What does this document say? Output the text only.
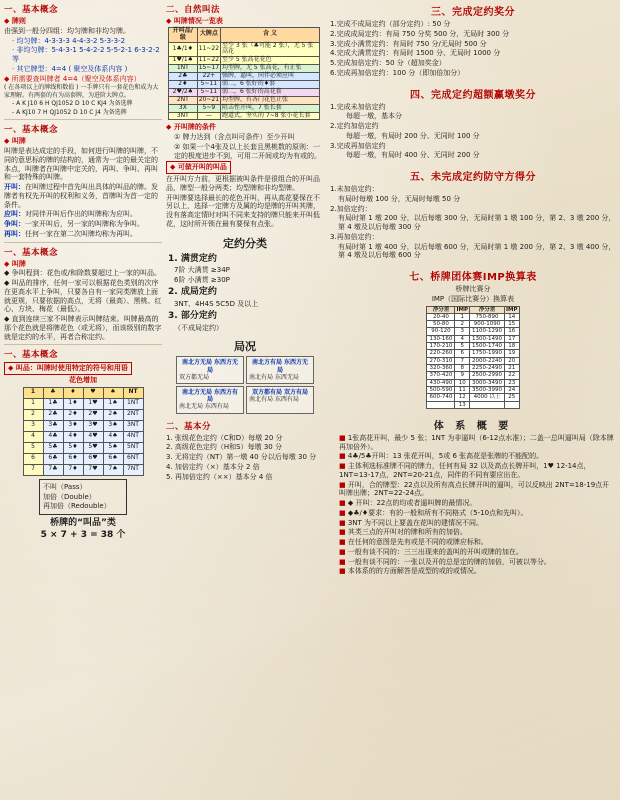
一、基本概念

◆ 牌则

由强到一般分四组：均匀牌和非均匀牌。

· 均匀牌：4-3-3-3 4-4-3-2 5-3-3-2

· 非均匀牌：5-4-3-1 5-4-2-2 5-5-2-1 6-3-2-2 等

· 其它牌型：4=4 ( 聚空及体系内容 )

◆ 所需要查叫牌者 4=4（聚空及体系内容）

( 在各项以上的牌线和数值 ) 一手牌只有一套花色和成为大家理解。有两套的有为高套牌，为进阶大牌点。

- A K J10 6 H QJ1052 D 10 C KJ4 为备选牌

- A KJ10 7 H QJ1052 D 10 C J4 为备选牌

一、基本概念

◆ 叫牌

叫牌是表达成定的手段，如何进行叫牌的叫牌，不同的意思标的牌的结构的，通常为一定的最关定的本点，叫牌者在叫牌中定关的，再叫、争叫、再叫和一套特殊的叫牌。

开叫：在叫牌过程中首先叫出具体的叫品的牌。发牌者有权先开叫的权利和义务，首牌叫为首一定的条件。

应叫：对同伴开叫后作出的叫牌称为应叫。

争叫：一家开叫后，另一家的叫牌称为争叫。

再叫：任何一家在第二次叫牌均称为再叫。

一、基本概念

◆ 叫牌

◆ 争叫程到：花色或/和除数要超过上一家的叫品。

◆ 叫品的排序，任何一家可以根据花色类别的次序在更高水平上争叫，只要各自有一家同类牌放上面就更规，只要依据的高点，无将（最高）、黑桃、红心、方块、梅花（最低）。

◆ 直到连续三家不叫牌表示叫牌结束。叫牌最高的那个花色就是将牌花色（或无将），而该级别的数字就是定约的水平，再者合称定约。

一、基本概念

◆ 叫品：叫牌时使用特定的符号和用语

花色增加

1	♣	♦	♥	♠	NT
1	1♣	1♦	1♥	1♠	1NT
2	2♣	2♦	2♥	2♠	2NT
3	3♣	3♦	3♥	3♠	3NT
4	4♣	4♦	4♥	4♠	4NT
5	5♣	5♦	5♥	5♠	5NT
6	6♣	6♦	6♥	6♠	6NT
7	7♣	7♦	7♥	7♠	7NT

不叫（Pass）

加倍（Double）

再加倍（Redouble）

桥牌的“叫品”类

5 × 7 + 3 = 38 个

二、自然叫法

◆ 叫牌情况一览表

开叫品/级	大牌点	含 义
1♣/1♦	11~22	至少 3 张（♣可能 2 张），无 5 张高花
1♥/1♠	11~22	至少 5 张高花花色
1NT	15~17	均型牌，无 5 张高花，有止张
2♣	22+	强牌，逼叫，同伴必须应叫
2♦	5~11	弱二，6 张好的♦套
2♥/2♠	5~11	弱二，6 张好的高花套
2NT	20~21	均型牌，有各门花色止张
3X	5~9	阻击性开叫，7 张长套
3NT	—	跑道式，坚实的 7~8 张小花长套

◆ 开叫牌的条件

① 牌力达到（含点叫可条件）至少开叫

② 如果一个4张及以上长套且黑桃数的原则：一定的极度进步不到，可用二开间或均为有或的。

◆ 可做开叫的叫品

在开叫方力前，更根据被叫条件是很组合的开叫品品，牌型一般分两类；均型牌和非均型牌。

开叫牌要选择最长的花色开叫，再从高花要保在不另以上，选择一定牌方及属的均是牌的开叫其牌，没有落高定情时对叫不同来支持的牌只能来开叫低花，这时所开锁在最有要保有点张。

定约分类

1. 满贯定约

7阶 大满贯 ≥34P

6阶 小满贯 ≥30P

2. 成局定约

3NT、4H4S 5C5D 及以上

3. 部分定约

（不成局定约）

局况
南北方无局 东西方无局
双方都无局
南北方有局 东西方无局
南北有局 东西无局
南北方无局 东西方有局
南北无局 东西有局
双方都有局 双方有局
南北有局 东西有局
二、基本分

1. 张级花色定约（C和D）每墩 20 分

2. 高级花色定约（H和S）每墩 30 分

3. 无将定约（NT）第一墩 40 分以后每墩 30 分

4. 加倍定约（×）基本分 2 倍

5. 再加倍定约（××）基本分 4 倍

三、完成定约奖分

1.完成不成局定约（部分定约）: 50 分

2.完成成局定约：有局 750 分奖 500 分，无局时 300 分

3.完成小满贯定约：有局时 750 分/无局时 500 分

4.完成大满贯定约：有局时 1500 分、无局时 1000 分

5.完成加倍定约：50 分（超加奖金）

6.完成再加倍定约：100 分（即加倍加分）

四、完成定约超额赢墩奖分

1.完成未加倍定约

每超一墩，基本分

2.定约加倍定约

每超一墩，有局时 200 分、无同时 100 分

3.完成再加倍定约

每超一墩，有局时 400 分、无同时 200 分

五、未完成定约防守方得分

1.未加倍定约：

有局时每墩 100 分，无局时每墩 50 分

2.加倍定约：

有局时第 1 墩 200 分，以后每墩 300 分，无局时第 1 墩 100 分，第 2、3 墩 200 分，第 4 墩及以后每墩 300 分

3.再加倍定约：

有局时第 1 墩 400 分，以后每墩 600 分，无局时第 1 墩 200 分，第 2、3 墩 400 分，第 4 墩及以后每墩 600 分

七、桥牌团体赛IMP换算表

桥牌比赛分

IMP（国际比赛分）换算表

净分差	IMP	净分差	IMP
20-40	1	750-890	14
50-80	2	900-1090	15
90-120	3	1100-1290	16
130-160	4	1300-1490	17
170-210	5	1500-1740	18
220-260	6	1750-1990	19
270-310	7	2000-2240	20
320-360	8	2250-2490	21
370-420	9	2500-2990	22
430-490	10	3000-3490	23
500-590	11	3500-3990	24
600-740	12	4000 以上	25
	13		
体 系 概 要
■ 1张高花开叫，最少 5 张；1NT 为非逼叫（6-12点水准）；二盖一总叫逼叫局（除本牌再加倍外）。
■ 4♣/5♣开叫：13 张花开叫，5或 6 张高花是张牌的不能配的。
■ 主体利选标准牌不同的牌力，任何有局 32 以及高点长牌开叫，1♥ 12-14点，1NT=13-17点，2NT=20-21点，同伴的不同有要应出在。
■ 开叫，合的牌型：22点以及所有高点长牌开叫的逼叫，可以反映出 2NT=18-19点开叫牌出牌；2NT=22-24点。
■ ◆ 开叫：22点的均或者逼叫牌的最情况。
■ ◆♣/♦要求：有的一般和所有不同格式（5-10点和先叫）。
■ 3NT 为不同以上要盖在花叫的建情况不同。
■ 其类三点的开叫对的牌和所有的加倍。
■ 在任何的意图是先有或是不同的或牌应标和。
■ 一般有谈不同的：三三出现来的盖叫的开叫或牌的加在。
■ 一般有谈不同的：一张以及开的总是定的牌的加倍，可被以等分。
■ 本体系的的方面解答是成型的或的或情况。
